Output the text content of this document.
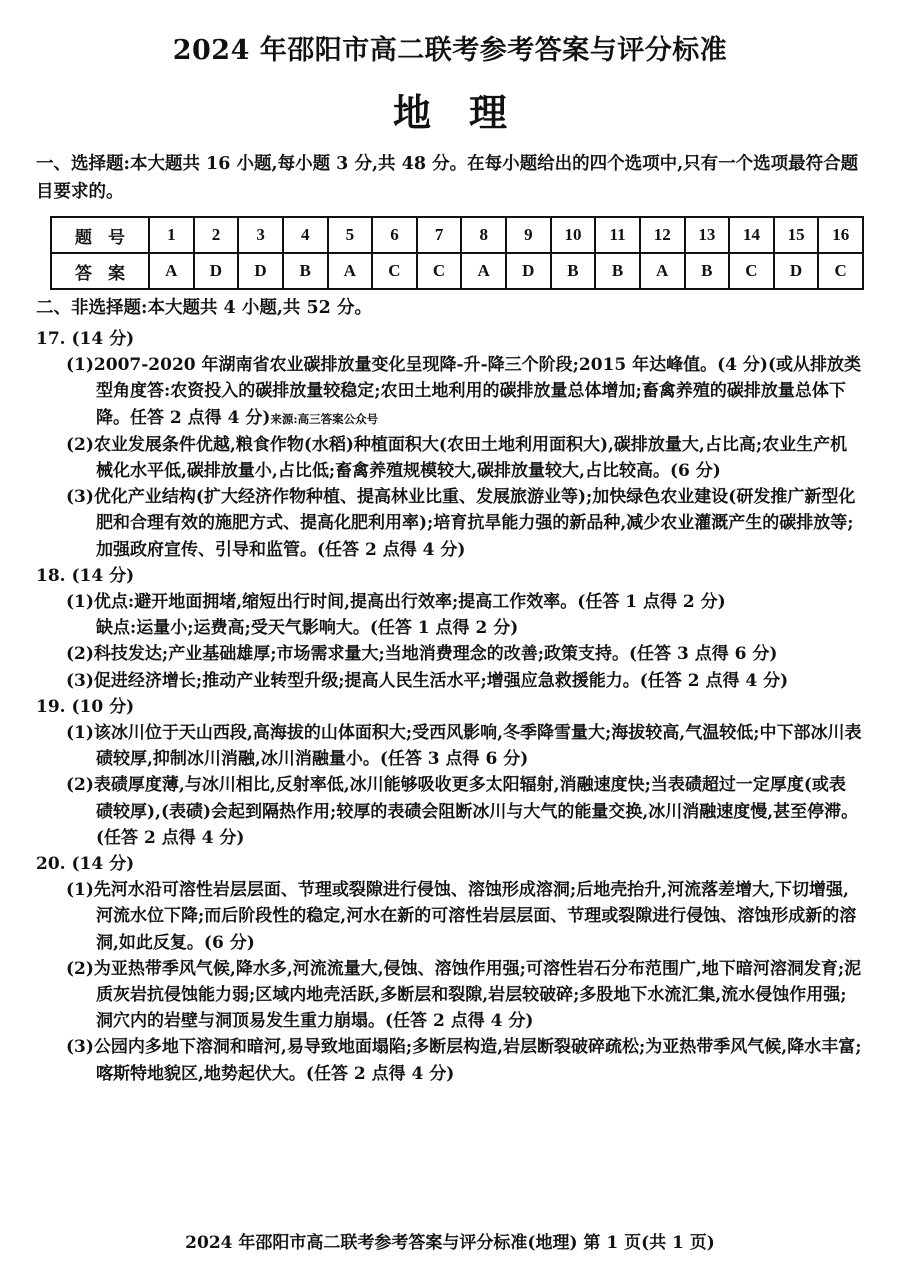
2024 年邵阳市高二联考参考答案与评分标准
地理
一、选择题:本大题共 16 小题,每小题 3 分,共 48 分。在每小题给出的四个选项中,只有一个选项最符合题目要求的。
题号	1	2	3	4	5	6	7	8	9	10	11	12	13	14	15	16
答案	A	D	D	B	A	C	C	A	D	B	B	A	B	C	D	C
二、非选择题:本大题共 4 小题,共 52 分。
17. (14 分)
(1)2007-2020 年湖南省农业碳排放量变化呈现降-升-降三个阶段;2015 年达峰值。(4 分)(或从排放类型角度答:农资投入的碳排放量较稳定;农田土地利用的碳排放量总体增加;畜禽养殖的碳排放量总体下降。任答 2 点得 4 分)来源:高三答案公众号
(2)农业发展条件优越,粮食作物(水稻)种植面积大(农田土地利用面积大),碳排放量大,占比高;农业生产机械化水平低,碳排放量小,占比低;畜禽养殖规模较大,碳排放量较大,占比较高。(6 分)
(3)优化产业结构(扩大经济作物种植、提高林业比重、发展旅游业等);加快绿色农业建设(研发推广新型化肥和合理有效的施肥方式、提高化肥利用率);培育抗旱能力强的新品种,减少农业灌溉产生的碳排放等;加强政府宣传、引导和监管。(任答 2 点得 4 分)
18. (14 分)
(1)优点:避开地面拥堵,缩短出行时间,提高出行效率;提高工作效率。(任答 1 点得 2 分)
缺点:运量小;运费高;受天气影响大。(任答 1 点得 2 分)
(2)科技发达;产业基础雄厚;市场需求量大;当地消费理念的改善;政策支持。(任答 3 点得 6 分)
(3)促进经济增长;推动产业转型升级;提高人民生活水平;增强应急救援能力。(任答 2 点得 4 分)
19. (10 分)
(1)该冰川位于天山西段,高海拔的山体面积大;受西风影响,冬季降雪量大;海拔较高,气温较低;中下部冰川表碛较厚,抑制冰川消融,冰川消融量小。(任答 3 点得 6 分)
(2)表碛厚度薄,与冰川相比,反射率低,冰川能够吸收更多太阳辐射,消融速度快;当表碛超过一定厚度(或表碛较厚),(表碛)会起到隔热作用;较厚的表碛会阻断冰川与大气的能量交换,冰川消融速度慢,甚至停滞。(任答 2 点得 4 分)
20. (14 分)
(1)先河水沿可溶性岩层层面、节理或裂隙进行侵蚀、溶蚀形成溶洞;后地壳抬升,河流落差增大,下切增强,河流水位下降;而后阶段性的稳定,河水在新的可溶性岩层层面、节理或裂隙进行侵蚀、溶蚀形成新的溶洞,如此反复。(6 分)
(2)为亚热带季风气候,降水多,河流流量大,侵蚀、溶蚀作用强;可溶性岩石分布范围广,地下暗河溶洞发育;泥质灰岩抗侵蚀能力弱;区域内地壳活跃,多断层和裂隙,岩层较破碎;多股地下水流汇集,流水侵蚀作用强;洞穴内的岩壁与洞顶易发生重力崩塌。(任答 2 点得 4 分)
(3)公园内多地下溶洞和暗河,易导致地面塌陷;多断层构造,岩层断裂破碎疏松;为亚热带季风气候,降水丰富;喀斯特地貌区,地势起伏大。(任答 2 点得 4 分)
2024 年邵阳市高二联考参考答案与评分标准(地理) 第 1 页(共 1 页)
